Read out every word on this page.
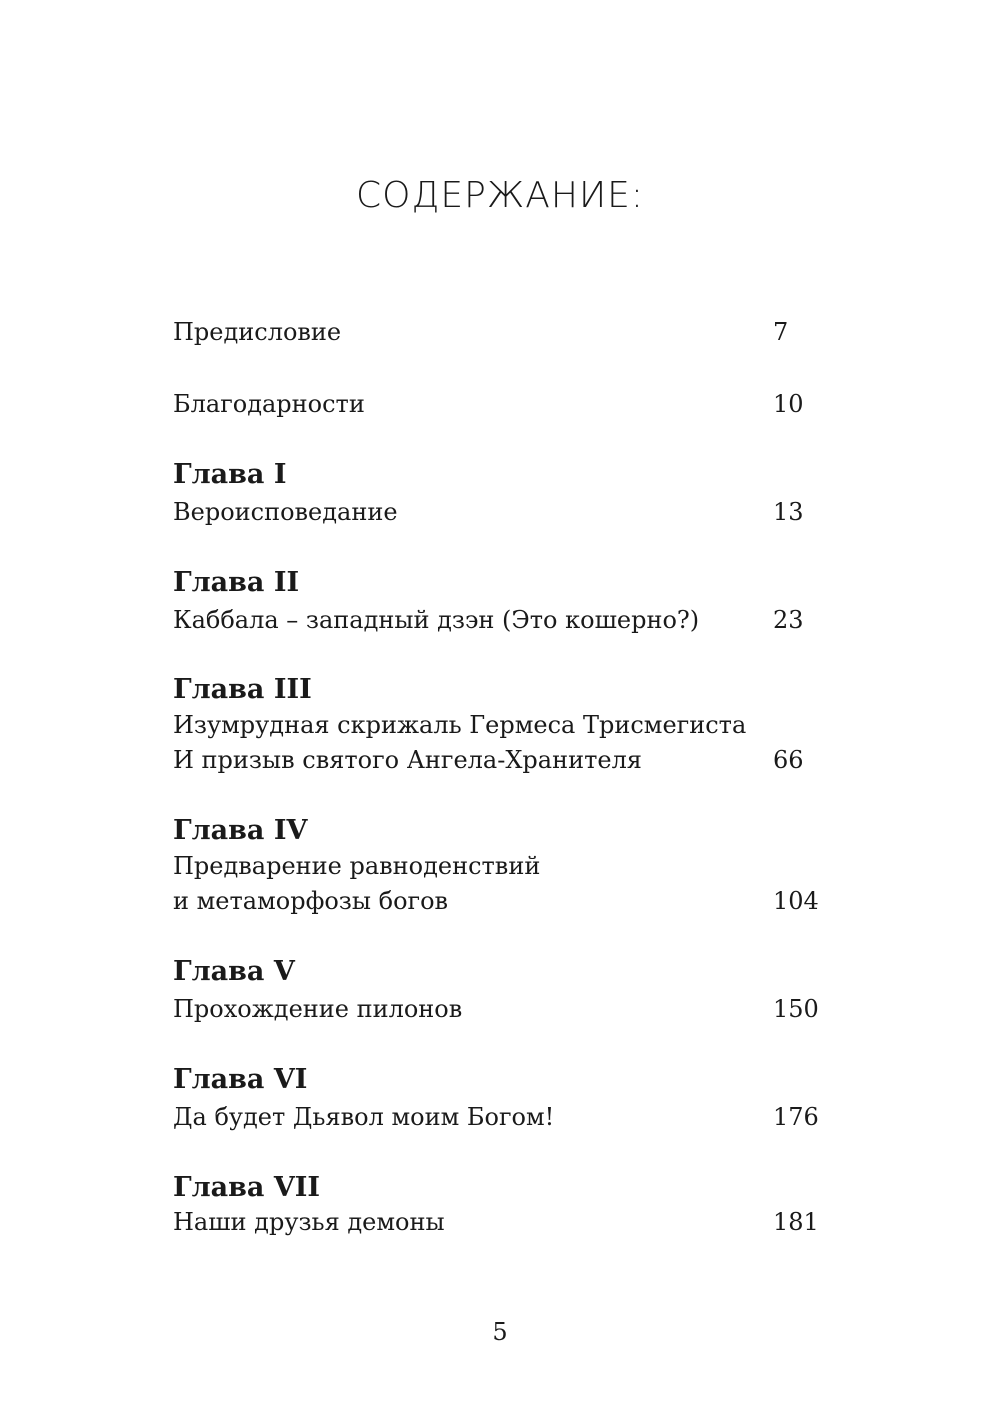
СОДЕРЖАНИЕ:
Предисловие	7
Благодарности	10
Глава I
Вероисповедание	13
Глава II
Каббала – западный дзэн (Это кошерно?)	23
Глава III
Изумрудная скрижаль Гермеса Трисмегиста
И призыв святого Ангела-Хранителя	66
Глава IV
Предварение равноденствий
и метаморфозы богов	104
Глава V
Прохождение пилонов	150
Глава VI
Да будет Дьявол моим Богом!	176
Глава VII
Наши друзья демоны	181
5
